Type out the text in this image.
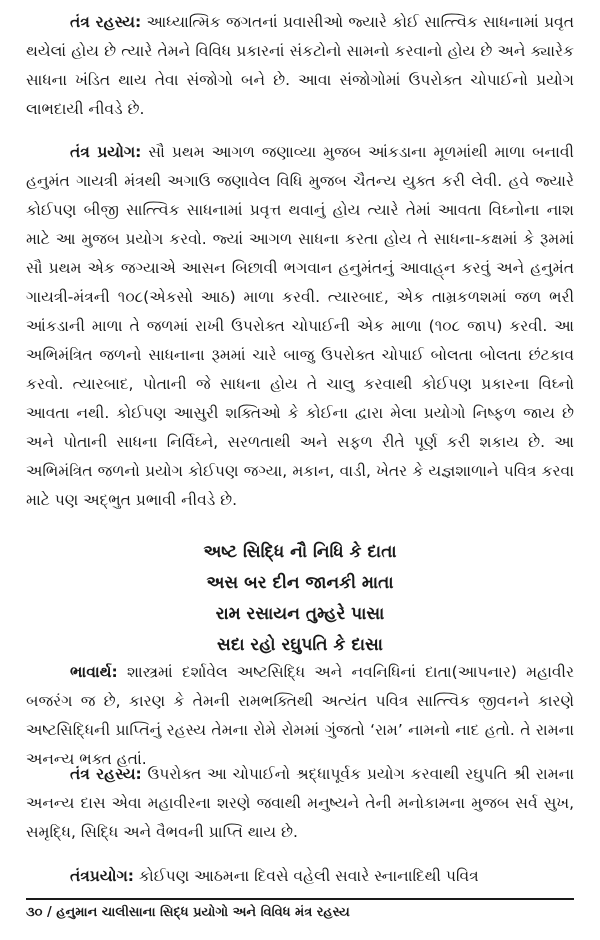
તંત્ર રહસ્ય: આધ્યાત્મિક જગતનાં પ્રવાસીઓ જ્યારે કોઈ સાત્ત્વિક સાધનામાં પ્રવૃત થયેલાં હોય છે ત્યારે તેમને વિવિધ પ્રકારનાં સંકટોનો સામનો કરવાનો હોય છે અને ક્યારેક સાધના ખંડિત થાય તેવા સંજોગો બને છે. આવા સંજોગોમાં ઉપરોક્ત ચોપાઈનો પ્રયોગ લાભદાયી નીવડે છે.

તંત્ર પ્રયોગ: સૌ પ્રથમ આગળ જણાવ્યા મુજબ આંકડાના મૂળમાંથી માળા બનાવી હનુમંત ગાયત્રી મંત્રથી અગાઉ જણાવેલ વિધિ મુજબ ચૈતન્ય યુક્ત કરી લેવી. હવે જ્યારે કોઈપણ બીજી સાત્ત્વિક સાધનામાં પ્રવૃત્ત થવાનું હોય ત્યારે તેમાં આવતા વિઘ્નોના નાશ માટે આ મુજબ પ્રયોગ કરવો. જ્યાં આગળ સાધના કરતા હોય તે સાધના-કક્ષમાં કે રૂમમાં સૌ પ્રથમ એક જગ્યાએ આસન બિછાવી ભગવાન હનુમંતનું આવાહ્‌ન કરવું અને હનુમંત ગાયત્રી-મંત્રની ૧૦૮(એકસો આઠ) માળા કરવી. ત્યારબાદ, એક તામ્રકળશમાં જળ ભરી આંકડાની માળા તે જળમાં રાખી ઉપરોક્ત ચોપાઈની એક માળા (૧૦૮ જાપ) કરવી. આ અભિમંત્રિત જળનો સાધનાના રૂમમાં ચારે બાજુ ઉપરોક્ત ચોપાઈ બોલતા બોલતા છંટકાવ કરવો. ત્યારબાદ, પોતાની જે સાધના હોય તે ચાલુ કરવાથી કોઈપણ પ્રકારના વિઘ્નો આવતા નથી. કોઈપણ આસુરી શક્તિઓ કે કોઈના દ્વારા મેલા પ્રયોગો નિષ્ફળ જાય છે અને પોતાની સાધના નિર્વિઘ્ને, સરળતાથી અને સફળ રીતે પૂર્ણ કરી શકાય છે. આ અભિમંત્રિત જળનો પ્રયોગ કોઈપણ જગ્યા, મકાન, વાડી, ખેતર કે યજ્ઞશાળાને પવિત્ર કરવા માટે પણ અદ્‌ભુત પ્રભાવી નીવડે છે.

અષ્ટ સિદ્ધિ નૌ નિધિ કે દાતા
અસ બર દીન જાનકી માતા
રામ રસાયન તુમ્હરે પાસા
સદા રહો રઘુપતિ કે દાસા

ભાવાર્થ: શાસ્ત્રમાં દર્શાવેલ અષ્ટસિદ્ધિ અને નવનિધિનાં દાતા(આપનાર) મહાવીર બજરંગ જ છે, કારણ કે તેમની રામભક્તિથી અત્યંત પવિત્ર સાત્ત્વિક જીવનને કારણે અષ્ટસિદ્ધિની પ્રાપ્તિનું રહસ્ય તેમના રોમે રોમમાં ગુંજતો ‘રામ’ નામનો નાદ હતો. તે રામના અનન્ય ભક્ત હતાં.

તંત્ર રહસ્ય: ઉપરોક્ત આ ચોપાઈનો શ્રદ્ધાપૂર્વક પ્રયોગ કરવાથી રઘુપતિ શ્રી રામના અનન્ય દાસ એવા મહાવીરના શરણે જવાથી મનુષ્યને તેની મનોકામના મુજબ સર્વ સુખ, સમૃદ્ધિ, સિદ્ધિ અને વૈભવની પ્રાપ્તિ થાય છે.

તંત્રપ્રયોગ: કોઈપણ આઠમના દિવસે વહેલી સવારે સ્નાનાદિથી પવિત્ર

૩૦ / હનુમાન ચાલીસાના સિદ્ધ પ્રયોગો અને વિવિધ મંત્ર રહસ્ય
